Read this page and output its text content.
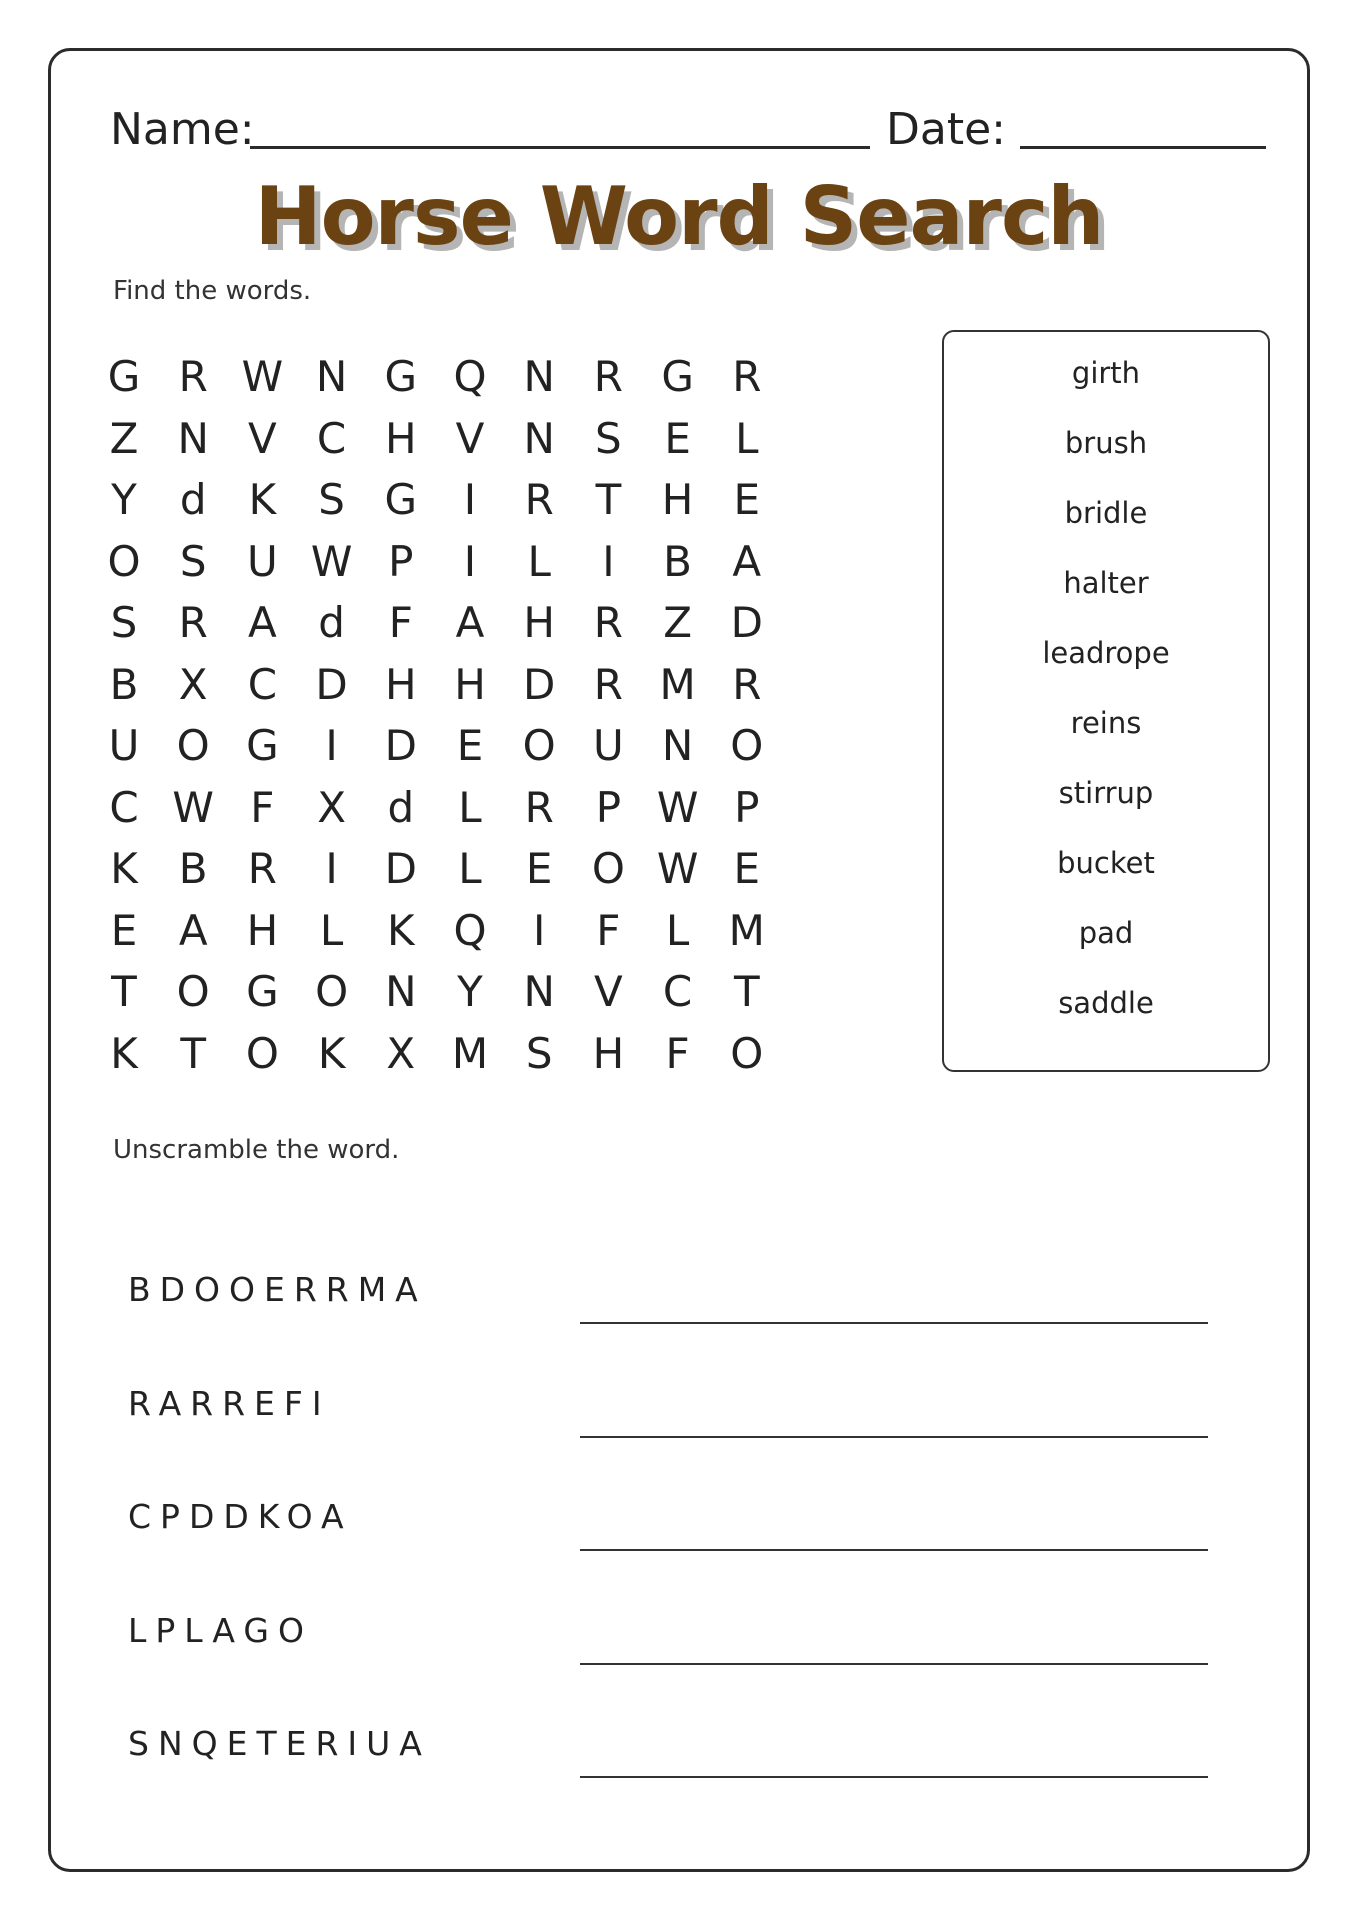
Name:	Date:
Horse Word Search
Find the words.
G R W N G Q N R G R
Z N V C H V N S E	L
Y d K S G	I	R T H E
O S U W P	I	L	I	B A
S R A d	F	A H R Z D
B X C D H H D R M R
U O G	I	D E O U N O
C W F	X d	L	R P W P
K B R	I	D L	E O W E
E A H L	K Q	I	F	L M
T O G O N Y N V C T
K T O K X M S H F O
girth
brush
bridle
halter
leadrope
reins
stirrup
bucket
pad
saddle
Unscramble the word.
BDOOERRMA
RARREFI
CPDDKOA
LPLAGO
SNQETERIUA
